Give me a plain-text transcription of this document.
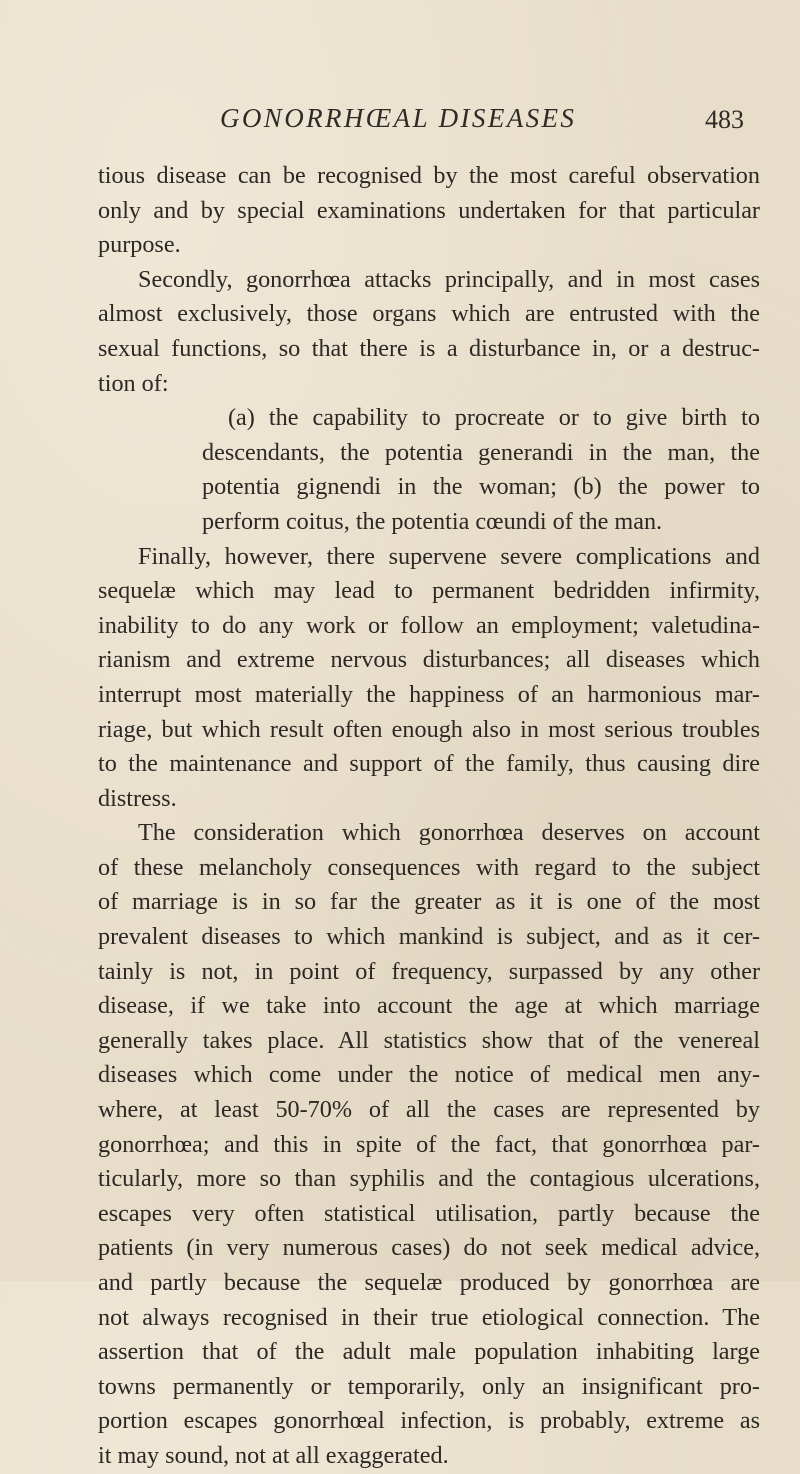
GONORRHŒAL DISEASES	483
tious disease can be recognised by the most careful observation
only and by special examinations undertaken for that particular
purpose.
Secondly, gonorrhœa attacks principally, and in most cases
almost exclusively, those organs which are entrusted with the
sexual functions, so that there is a disturbance in, or a destruc-
tion of:
(a) the capability to procreate or to give birth to
descendants, the potentia generandi in the man, the
potentia gignendi in the woman; (b) the power to
perform coitus, the potentia cœundi of the man.
Finally, however, there supervene severe complications and
sequelæ which may lead to permanent bedridden infirmity,
inability to do any work or follow an employment; valetudina-
rianism and extreme nervous disturbances; all diseases which
interrupt most materially the happiness of an harmonious mar-
riage, but which result often enough also in most serious troubles
to the maintenance and support of the family, thus causing dire
distress.
The consideration which gonorrhœa deserves on account
of these melancholy consequences with regard to the subject
of marriage is in so far the greater as it is one of the most
prevalent diseases to which mankind is subject, and as it cer-
tainly is not, in point of frequency, surpassed by any other
disease, if we take into account the age at which marriage
generally takes place. All statistics show that of the venereal
diseases which come under the notice of medical men any-
where, at least 50-70% of all the cases are represented by
gonorrhœa; and this in spite of the fact, that gonorrhœa par-
ticularly, more so than syphilis and the contagious ulcerations,
escapes very often statistical utilisation, partly because the
patients (in very numerous cases) do not seek medical advice,
and partly because the sequelæ produced by gonorrhœa are
not always recognised in their true etiological connection. The
assertion that of the adult male population inhabiting large
towns permanently or temporarily, only an insignificant pro-
portion escapes gonorrhœal infection, is probably, extreme as
it may sound, not at all exaggerated.
